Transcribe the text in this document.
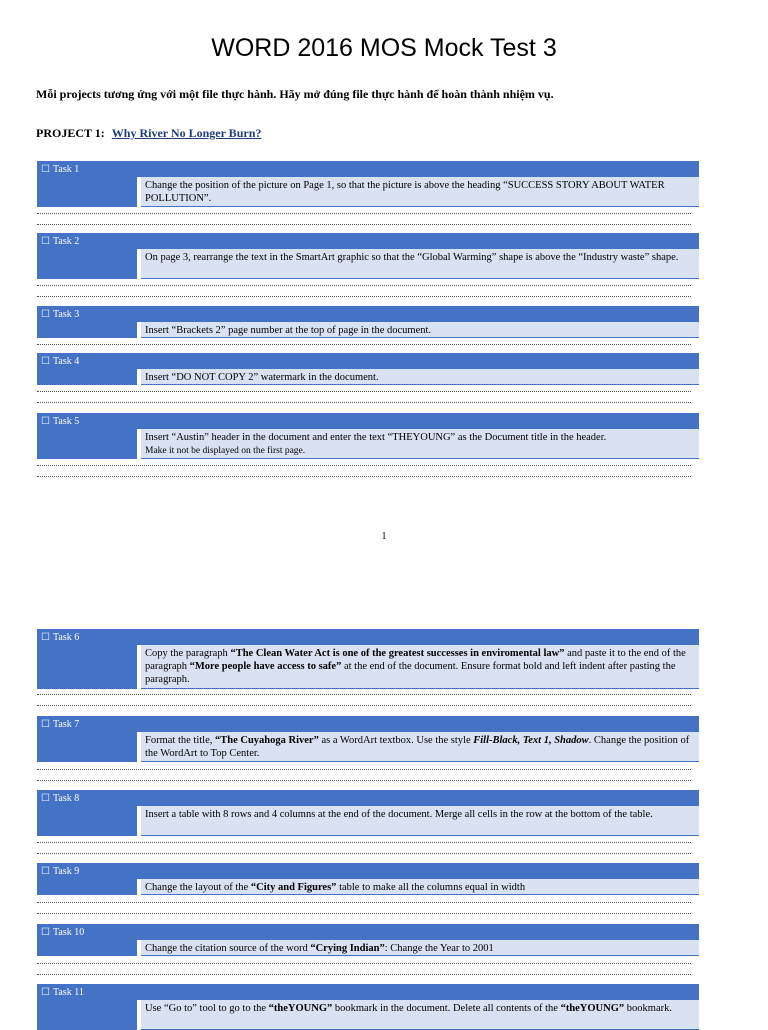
WORD 2016 MOS Mock Test 3
Mỗi projects tương ứng với một file thực hành. Hãy mở đúng file thực hành để hoàn thành nhiệm vụ.
PROJECT 1: Why River No Longer Burn?
1
☐ Task 1
Change the position of the picture on Page 1, so that the picture is above the heading “SUCCESS STORY ABOUT WATER POLLUTION”.
☐ Task 2
On page 3, rearrange the text in the SmartArt graphic so that the “Global Warming” shape is above the “Industry waste” shape.
☐ Task 3
Insert “Brackets 2” page number at the top of page in the document.
☐ Task 4
Insert “DO NOT COPY 2” watermark in the document.
☐ Task 5
Insert “Austin” header in the document and enter the text “THEYOUNG” as the Document title in the header.
Make it not be displayed on the first page.
☐ Task 6
Copy the paragraph “The Clean Water Act is one of the greatest successes in enviromental law” and paste it to the end of the paragraph “More people have access to safe” at the end of the document. Ensure format bold and left indent after pasting the paragraph.
☐ Task 7
Format the title, “The Cuyahoga River” as a WordArt textbox. Use the style Fill-Black, Text 1, Shadow. Change the position of the WordArt to Top Center.
☐ Task 8
Insert a table with 8 rows and 4 columns at the end of the document. Merge all cells in the row at the bottom of the table.
☐ Task 9
Change the layout of the “City and Figures” table to make all the columns equal in width
☐ Task 10
Change the citation source of the word “Crying Indian”: Change the Year to 2001
☐ Task 11
Use “Go to” tool to go to the “theYOUNG” bookmark in the document. Delete all contents of the “theYOUNG” bookmark.
